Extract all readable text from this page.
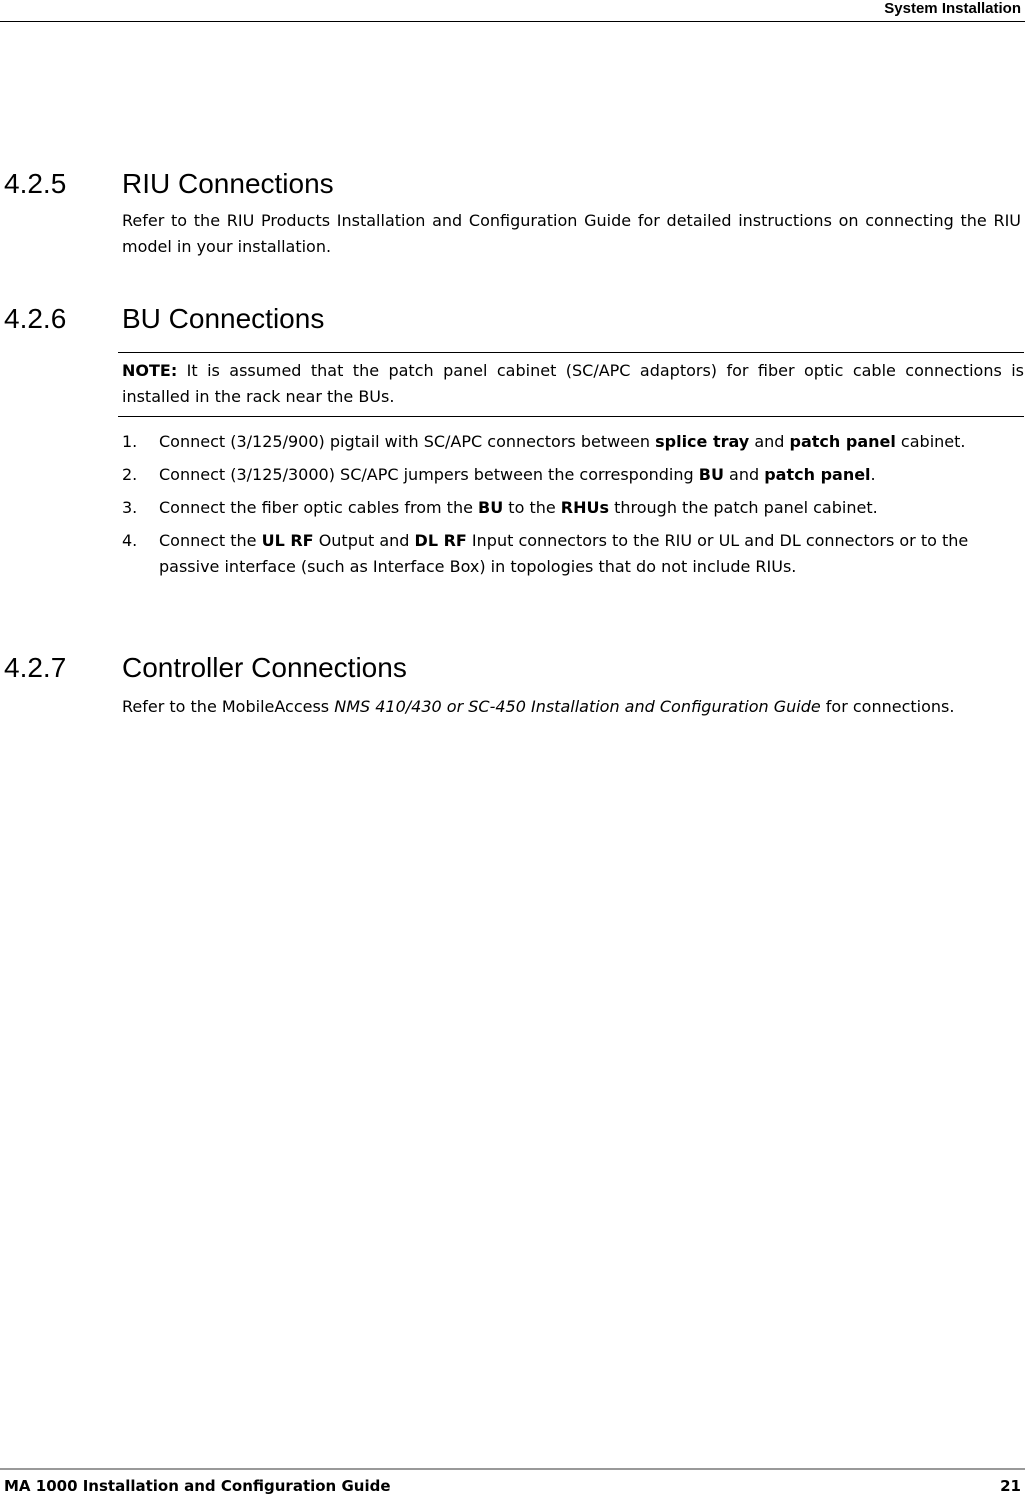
System Installation
4.2.5 RIU Connections

Refer to the RIU Products Installation and Configuration Guide for detailed instructions on connecting the RIU model in your installation.

4.2.6 BU Connections
NOTE: It is assumed that the patch panel cabinet (SC/APC adaptors) for fiber optic cable connections is installed in the rack near the BUs.
1. Connect (3/125/900) pigtail with SC/APC connectors between splice tray and patch panel cabinet.
2. Connect (3/125/3000) SC/APC jumpers between the corresponding BU and patch panel.
3. Connect the fiber optic cables from the BU to the RHUs through the patch panel cabinet.
4. Connect the UL RF Output and DL RF Input connectors to the RIU or UL and DL connectors or to the passive interface (such as Interface Box) in topologies that do not include RIUs.
4.2.7 Controller Connections

Refer to the MobileAccess NMS 410/430 or SC-450 Installation and Configuration Guide for connections.

MA 1000 Installation and Configuration Guide	21
